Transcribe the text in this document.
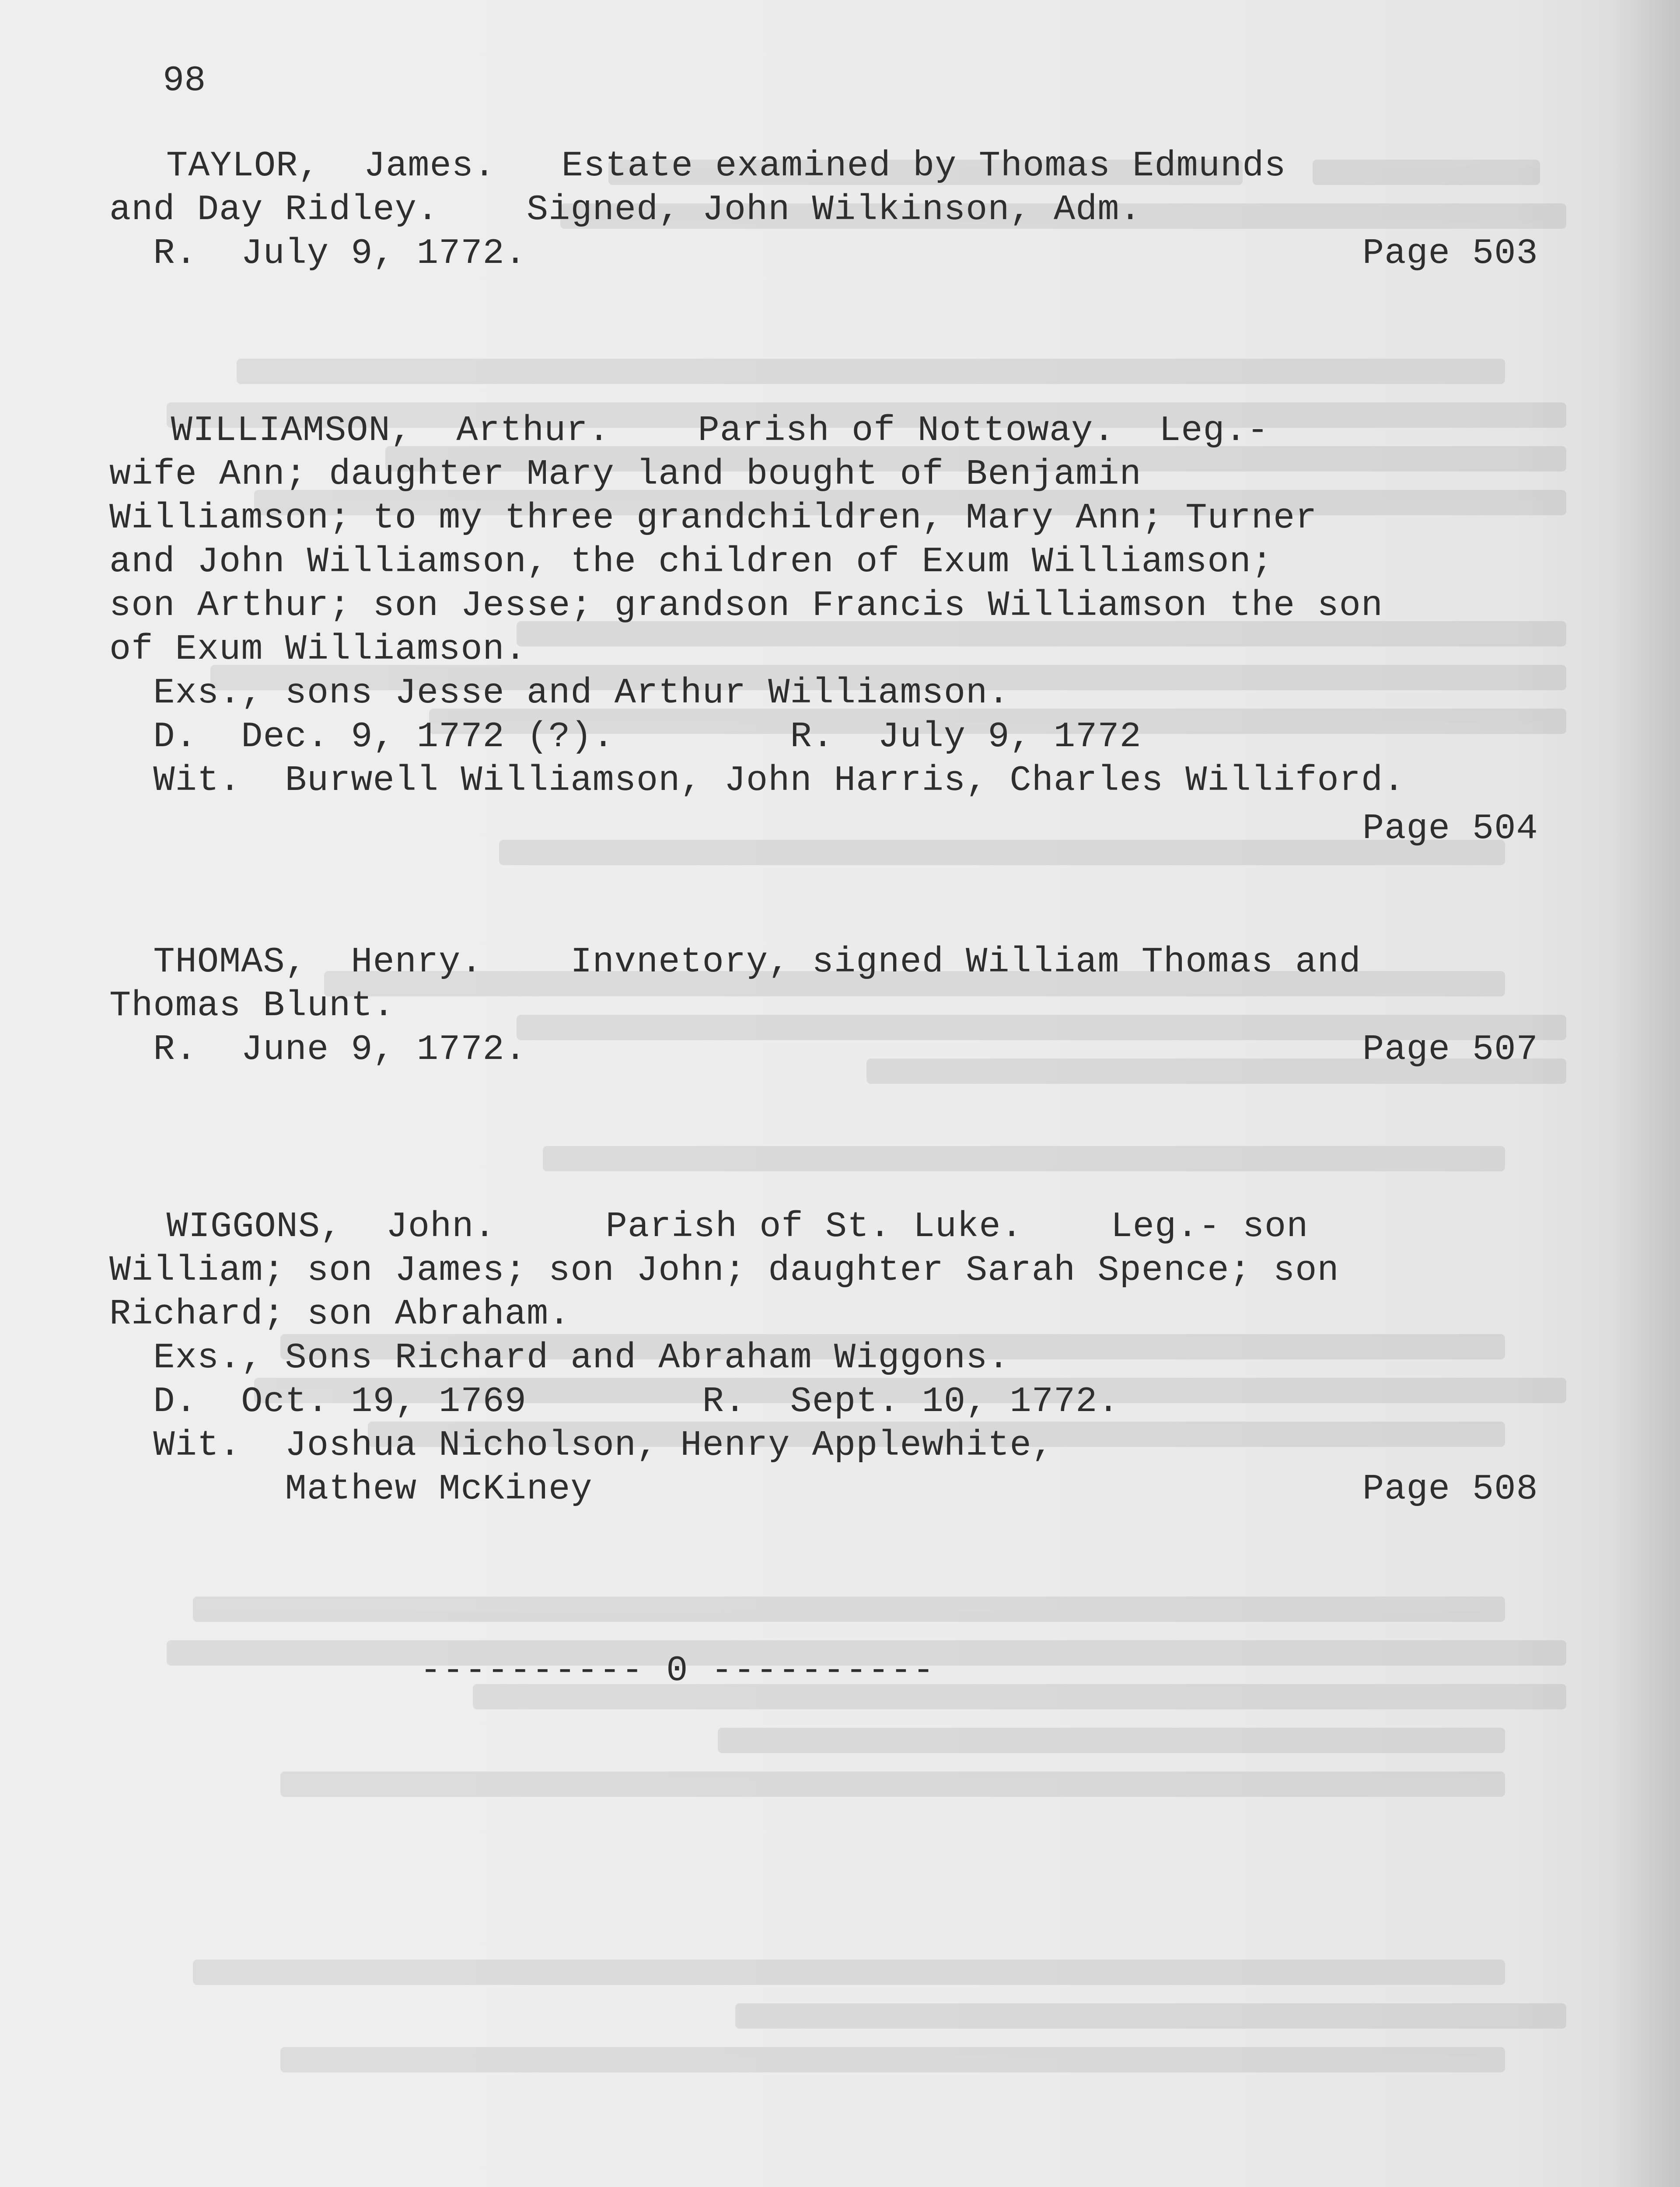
98
TAYLOR,  James.   Estate examined by Thomas Edmunds
and Day Ridley.    Signed, John Wilkinson, Adm.
R.  July 9, 1772.	Page 503
WILLIAMSON,  Arthur.    Parish of Nottoway.  Leg.-
wife Ann; daughter Mary land bought of Benjamin
Williamson; to my three grandchildren, Mary Ann; Turner
and John Williamson, the children of Exum Williamson;
son Arthur; son Jesse; grandson Francis Williamson the son
of Exum Williamson.
Exs., sons Jesse and Arthur Williamson.
D.  Dec. 9, 1772 (?).        R.  July 9, 1772
Wit.  Burwell Williamson, John Harris, Charles Williford.
Page 504
THOMAS,  Henry.    Invnetory, signed William Thomas and
Thomas Blunt.
R.  June 9, 1772.	Page 507
WIGGONS,  John.     Parish of St. Luke.    Leg.- son
William; son James; son John; daughter Sarah Spence; son
Richard; son Abraham.
Exs., Sons Richard and Abraham Wiggons.
D.  Oct. 19, 1769        R.  Sept. 10, 1772.
Wit.  Joshua Nicholson, Henry Applewhite,
Mathew McKiney	Page 508
---------- 0 ----------
